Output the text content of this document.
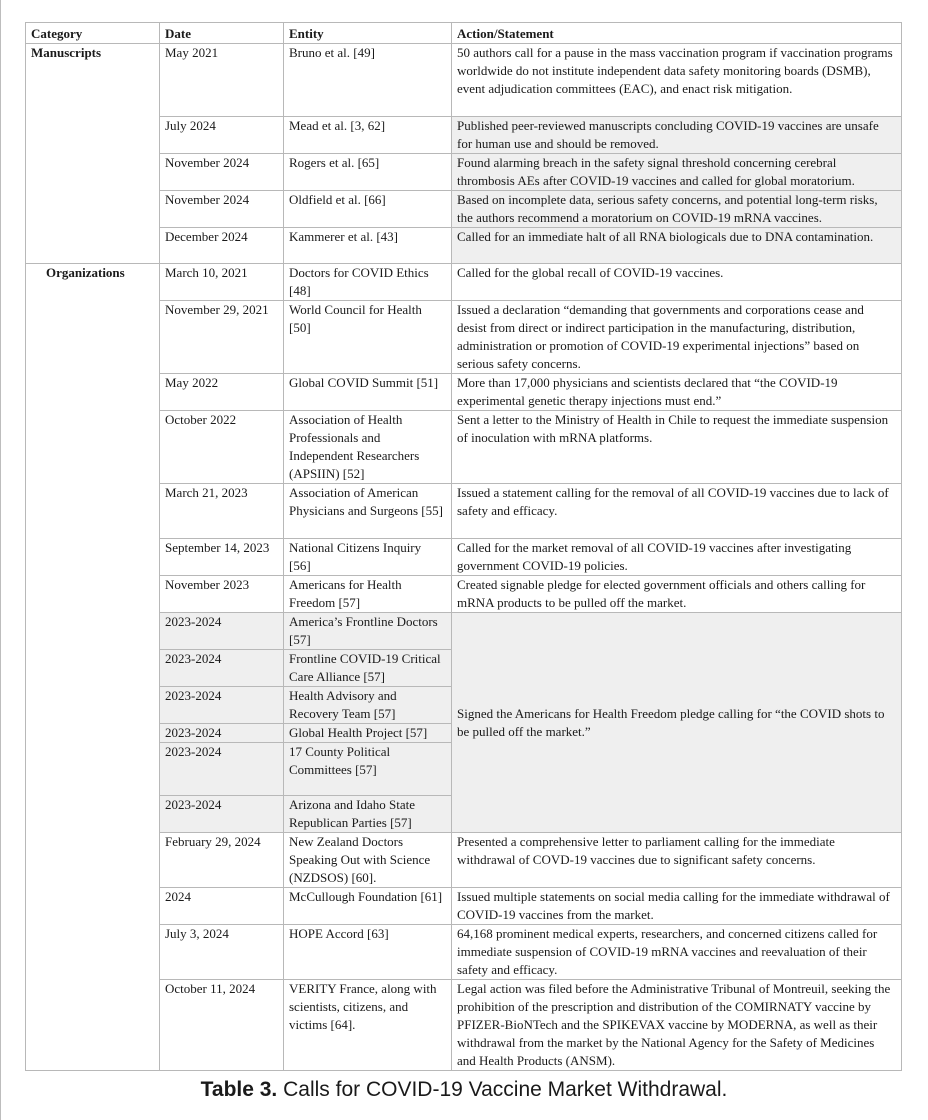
Category	Date	Entity	Action/Statement
Manuscripts	May 2021	Bruno et al. [49]	50 authors call for a pause in the mass vaccination program if vaccination programs worldwide do not institute independent data safety monitoring boards (DSMB), event adjudication committees (EAC), and enact risk mitigation.
	July 2024	Mead et al. [3, 62]	Published peer-reviewed manuscripts concluding COVID-19 vaccines are unsafe for human use and should be removed.
	November 2024	Rogers et al. [65]	Found alarming breach in the safety signal threshold concerning cerebral thrombosis AEs after COVID-19 vaccines and called for global moratorium.
	November 2024	Oldfield et al. [66]	Based on incomplete data, serious safety concerns, and potential long-term risks, the authors recommend a moratorium on COVID-19 mRNA vaccines.
	December 2024	Kammerer et al. [43]	Called for an immediate halt of all RNA biologicals due to DNA contamination.
Organizations	March 10, 2021	Doctors for COVID Ethics [48]	Called for the global recall of COVID-19 vaccines.
	November 29, 2021	World Council for Health [50]	Issued a declaration “demanding that governments and corporations cease and desist from direct or indirect participation in the manufacturing, distribution, administration or promotion of COVID-19 experimental injections” based on serious safety concerns.
	May 2022	Global COVID Summit [51]	More than 17,000 physicians and scientists declared that “the COVID-19 experimental genetic therapy injections must end.”
	October 2022	Association of Health Professionals and Independent Researchers (APSIIN) [52]	Sent a letter to the Ministry of Health in Chile to request the immediate suspension of inoculation with mRNA platforms.
	March 21, 2023	Association of American Physicians and Surgeons [55]	Issued a statement calling for the removal of all COVID-19 vaccines due to lack of safety and efficacy.
	September 14, 2023	National Citizens Inquiry [56]	Called for the market removal of all COVID-19 vaccines after investigating government COVID-19 policies.
	November 2023	Americans for Health Freedom [57]	Created signable pledge for elected government officials and others calling for mRNA products to be pulled off the market.
	2023-2024	America’s Frontline Doctors [57]	Signed the Americans for Health Freedom pledge calling for “the COVID shots to be pulled off the market.”
	2023-2024	Frontline COVID-19 Critical Care Alliance [57]	
	2023-2024	Health Advisory and Recovery Team [57]	
	2023-2024	Global Health Project [57]	
	2023-2024	17 County Political Committees [57]	
	2023-2024	Arizona and Idaho State Republican Parties [57]	
	February 29, 2024	New Zealand Doctors Speaking Out with Science (NZDSOS) [60].	Presented a comprehensive letter to parliament calling for the immediate withdrawal of COVD-19 vaccines due to significant safety concerns.
	2024	McCullough Foundation [61]	Issued multiple statements on social media calling for the immediate withdrawal of COVID-19 vaccines from the market.
	July 3, 2024	HOPE Accord [63]	64,168 prominent medical experts, researchers, and concerned citizens called for immediate suspension of COVID-19 mRNA vaccines and reevaluation of their safety and efficacy.
	October 11, 2024	VERITY France, along with scientists, citizens, and victims [64].	Legal action was filed before the Administrative Tribunal of Montreuil, seeking the prohibition of the prescription and distribution of the COMIRNATY vaccine by PFIZER-BioNTech and the SPIKEVAX vaccine by MODERNA, as well as their withdrawal from the market by the National Agency for the Safety of Medicines and Health Products (ANSM).
Table 3. Calls for COVID-19 Vaccine Market Withdrawal.
